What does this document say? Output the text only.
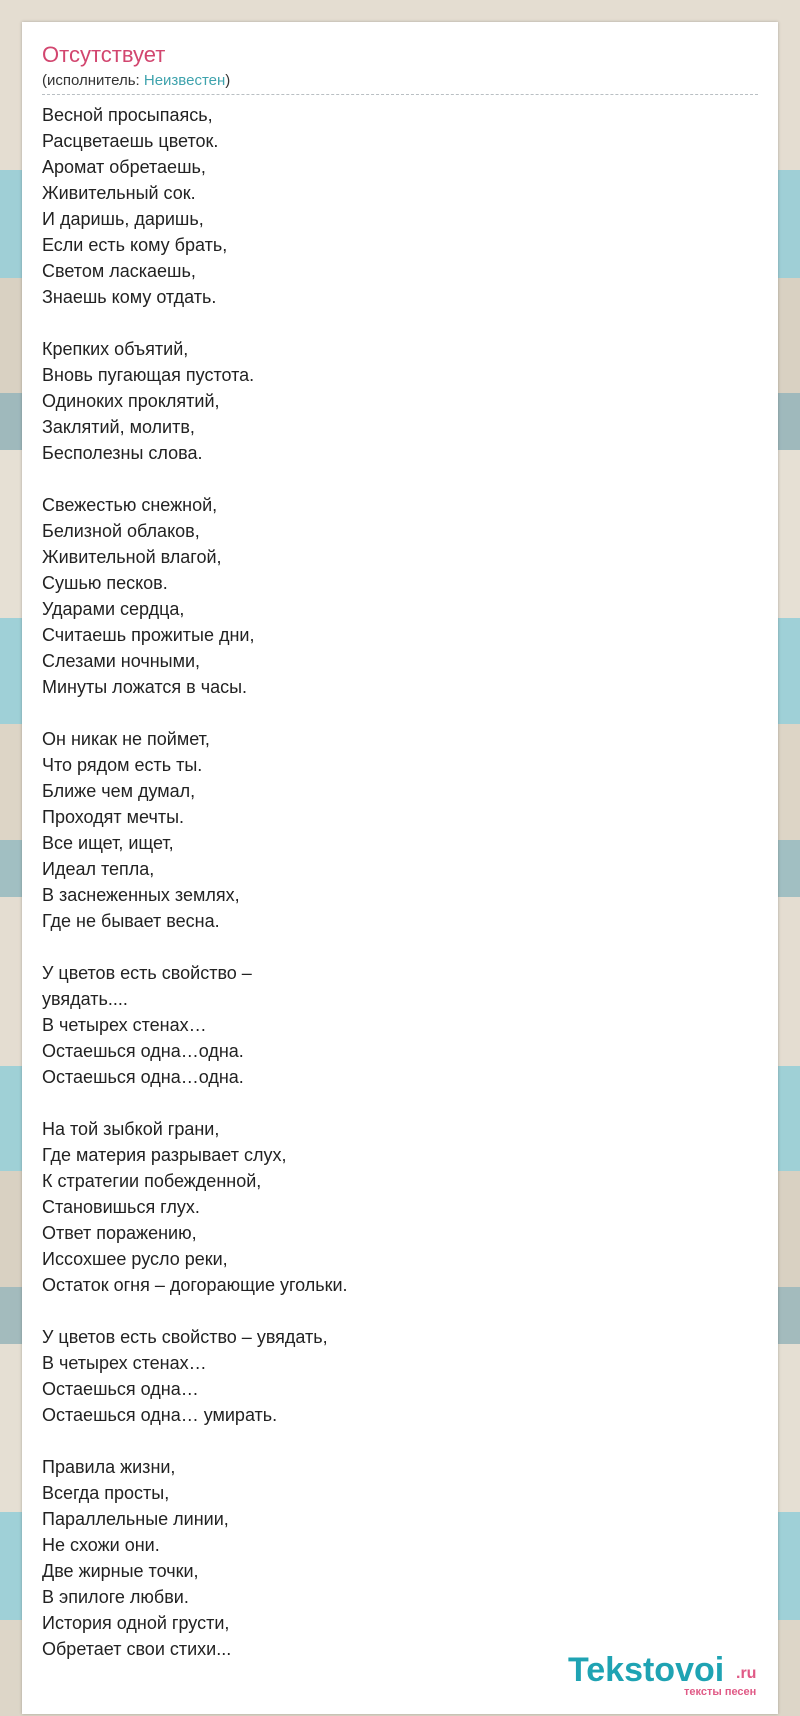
Отсутствует
(исполнитель: Неизвестен)
Весной просыпаясь,
Расцветаешь цветок.
Аромат обретаешь,
Живительный сок.
И даришь, даришь,
Если есть кому брать,
Светом ласкаешь,
Знаешь кому отдать.
Крепких объятий,
Вновь пугающая пустота.
Одиноких проклятий,
Заклятий, молитв,
Бесполезны слова.
Свежестью снежной,
Белизной облаков,
Живительной влагой,
Сушью песков.
Ударами сердца,
Считаешь прожитые дни,
Слезами ночными,
Минуты ложатся в часы.
Он никак не поймет,
Что рядом есть ты.
Ближе чем думал,
Проходят мечты.
Все ищет, ищет,
Идеал тепла,
В заснеженных землях,
Где не бывает весна.
У цветов есть свойство –
увядать....
В четырех стенах…
Остаешься одна…одна.
Остаешься одна…одна.
На той зыбкой грани,
Где материя разрывает слух,
К стратегии побежденной,
Становишься глух.
Ответ поражению,
Иссохшее русло реки,
Остаток огня – догорающие угольки.
У цветов есть свойство – увядать,
В четырех стенах…
Остаешься одна…
Остаешься одна… умирать.
Правила жизни,
Всегда просты,
Параллельные линии,
Не схожи они.
Две жирные точки,
В эпилоге любви.
История одной грусти,
Обретает свои стихи...
Tekstovoi .ru
тексты песен
